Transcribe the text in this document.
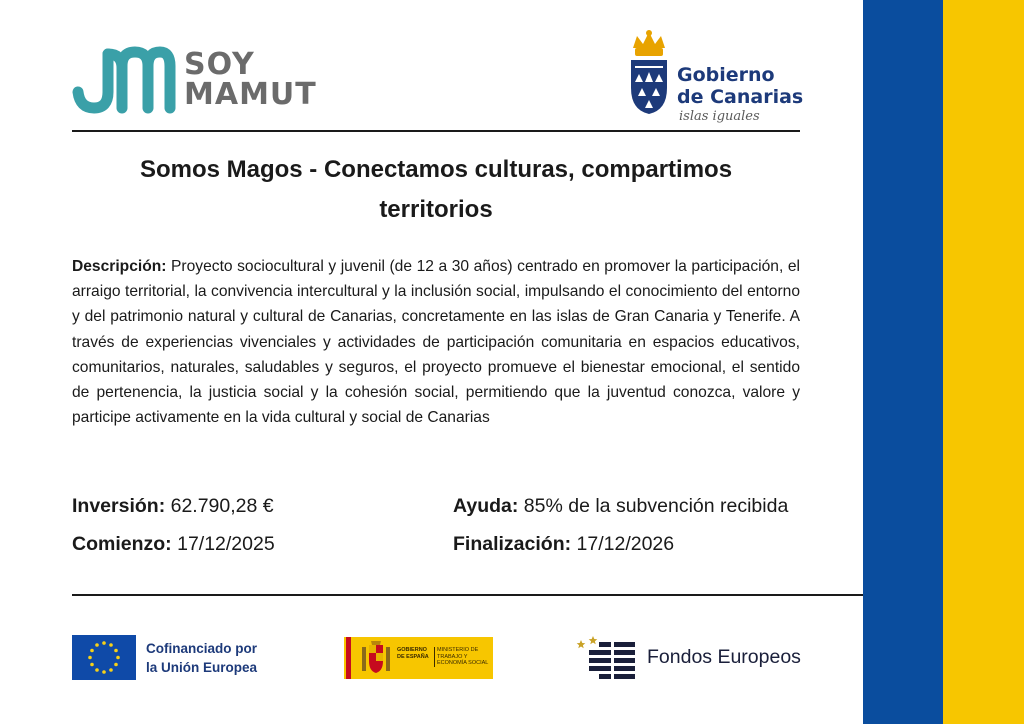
SOY
MAMUT
Gobierno
de Canarias
islas iguales
Somos Magos - Conectamos culturas, compartimos
territorios
Descripción: Proyecto sociocultural y juvenil (de 12 a 30 años) centrado en promover la participación, el arraigo territorial, la convivencia intercultural y la inclusión social, impulsando el conocimiento del entorno y del patrimonio natural y cultural de Canarias, concretamente en las islas de Gran Canaria y Tenerife. A través de experiencias vivenciales y actividades de participación comunitaria en espacios educativos, comunitarios, naturales, saludables y seguros, el proyecto promueve el bienestar emocional, el sentido de pertenencia, la justicia social y la cohesión social, permitiendo que la juventud conozca, valore y participe activamente en la vida cultural y social de Canarias
Inversión: 62.790,28 €	Ayuda: 85% de la subvención recibida
Comienzo: 17/12/2025	Finalización: 17/12/2026
Cofinanciado por
la Unión Europea
GOBIERNO DE ESPAÑA
MINISTERIO DE TRABAJO Y ECONOMÍA SOCIAL	Fondos Europeos
